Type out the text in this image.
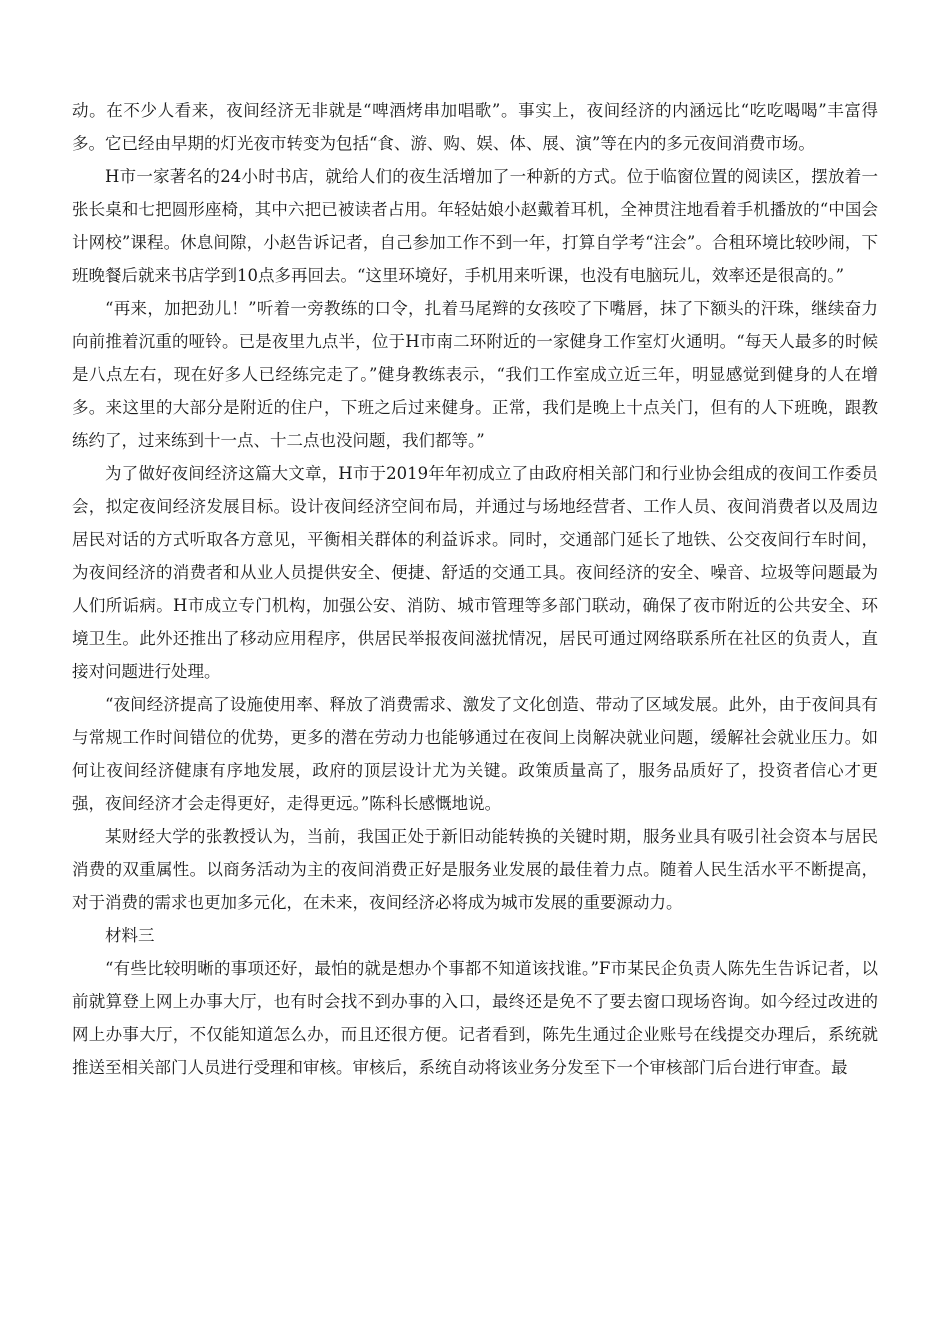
动。在不少人看来，夜间经济无非就是“啤酒烤串加唱歌”。事实上，夜间经济的内涵远比“吃吃喝喝”丰富得多。它已经由早期的灯光夜市转变为包括“食、游、购、娱、体、展、演”等在内的多元夜间消费市场。

H市一家著名的24小时书店，就给人们的夜生活增加了一种新的方式。位于临窗位置的阅读区，摆放着一张长桌和七把圆形座椅，其中六把已被读者占用。年轻姑娘小赵戴着耳机，全神贯注地看着手机播放的“中国会计网校”课程。休息间隙，小赵告诉记者，自己参加工作不到一年，打算自学考“注会”。合租环境比较吵闹，下班晚餐后就来书店学到10点多再回去。“这里环境好，手机用来听课，也没有电脑玩儿，效率还是很高的。”

“再来，加把劲儿！”听着一旁教练的口令，扎着马尾辫的女孩咬了下嘴唇，抹了下额头的汗珠，继续奋力向前推着沉重的哑铃。已是夜里九点半，位于H市南二环附近的一家健身工作室灯火通明。“每天人最多的时候是八点左右，现在好多人已经练完走了。”健身教练表示，“我们工作室成立近三年，明显感觉到健身的人在增多。来这里的大部分是附近的住户，下班之后过来健身。正常，我们是晚上十点关门，但有的人下班晚，跟教练约了，过来练到十一点、十二点也没问题，我们都等。”

为了做好夜间经济这篇大文章，H市于2019年年初成立了由政府相关部门和行业协会组成的夜间工作委员会，拟定夜间经济发展目标。设计夜间经济空间布局，并通过与场地经营者、工作人员、夜间消费者以及周边居民对话的方式听取各方意见，平衡相关群体的利益诉求。同时，交通部门延长了地铁、公交夜间行车时间，为夜间经济的消费者和从业人员提供安全、便捷、舒适的交通工具。夜间经济的安全、噪音、垃圾等问题最为人们所诟病。H市成立专门机构，加强公安、消防、城市管理等多部门联动，确保了夜市附近的公共安全、环境卫生。此外还推出了移动应用程序，供居民举报夜间滋扰情况，居民可通过网络联系所在社区的负责人，直接对问题进行处理。

“夜间经济提高了设施使用率、释放了消费需求、激发了文化创造、带动了区域发展。此外，由于夜间具有与常规工作时间错位的优势，更多的潜在劳动力也能够通过在夜间上岗解决就业问题，缓解社会就业压力。如何让夜间经济健康有序地发展，政府的顶层设计尤为关键。政策质量高了，服务品质好了，投资者信心才更强，夜间经济才会走得更好，走得更远。”陈科长感慨地说。

某财经大学的张教授认为，当前，我国正处于新旧动能转换的关键时期，服务业具有吸引社会资本与居民消费的双重属性。以商务活动为主的夜间消费正好是服务业发展的最佳着力点。随着人民生活水平不断提高，对于消费的需求也更加多元化，在未来，夜间经济必将成为城市发展的重要源动力。

材料三

“有些比较明晰的事项还好，最怕的就是想办个事都不知道该找谁。”F市某民企负责人陈先生告诉记者，以前就算登上网上办事大厅，也有时会找不到办事的入口，最终还是免不了要去窗口现场咨询。如今经过改进的网上办事大厅，不仅能知道怎么办，而且还很方便。记者看到，陈先生通过企业账号在线提交办理后，系统就推送至相关部门人员进行受理和审核。审核后，系统自动将该业务分发至下一个审核部门后台进行审查。最
